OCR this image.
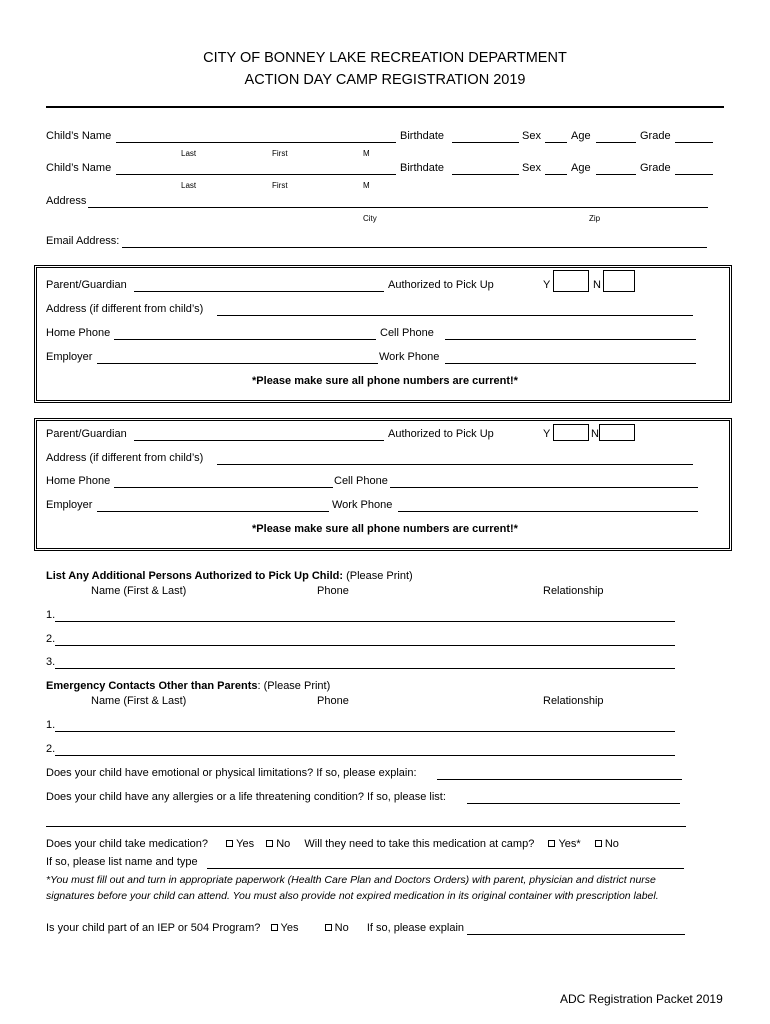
CITY OF BONNEY LAKE RECREATION DEPARTMENT
ACTION DAY CAMP REGISTRATION 2019
Child’s Name	Birthdate	Sex	Age	Grade
Last	First	M
Child’s Name	Birthdate	Sex	Age	Grade
Last	First	M
Address
City	Zip
Email Address:
Parent/Guardian	Authorized to Pick Up	Y	N
Address (if different from child’s)
Home Phone	Cell Phone
Employer	Work Phone
*Please make sure all phone numbers are current!*
Parent/Guardian	Authorized to Pick Up	Y	N
Address (if different from child’s)
Home Phone	Cell Phone
Employer	Work Phone
*Please make sure all phone numbers are current!*
List Any Additional Persons Authorized to Pick Up Child: (Please Print)
Name (First & Last)	Phone	Relationship
1.
2.
3.
Emergency Contacts Other than Parents: (Please Print)
Name (First & Last)	Phone	Relationship
1.
2.
Does your child have emotional or physical limitations? If so, please explain:
Does your child have any allergies or a life threatening condition? If so, please list:
Does your child take medication?	Yes No Will they need to take this medication at camp? Yes* No
If so, please list name and type
*You must fill out and turn in appropriate paperwork (Health Care Plan and Doctors Orders) with parent, physician and district nurse
signatures before your child can attend. You must also provide not expired medication in its original container with prescription label.
Is your child part of an IEP or 504 Program? Yes	No If so, please explain
ADC Registration Packet 2019
